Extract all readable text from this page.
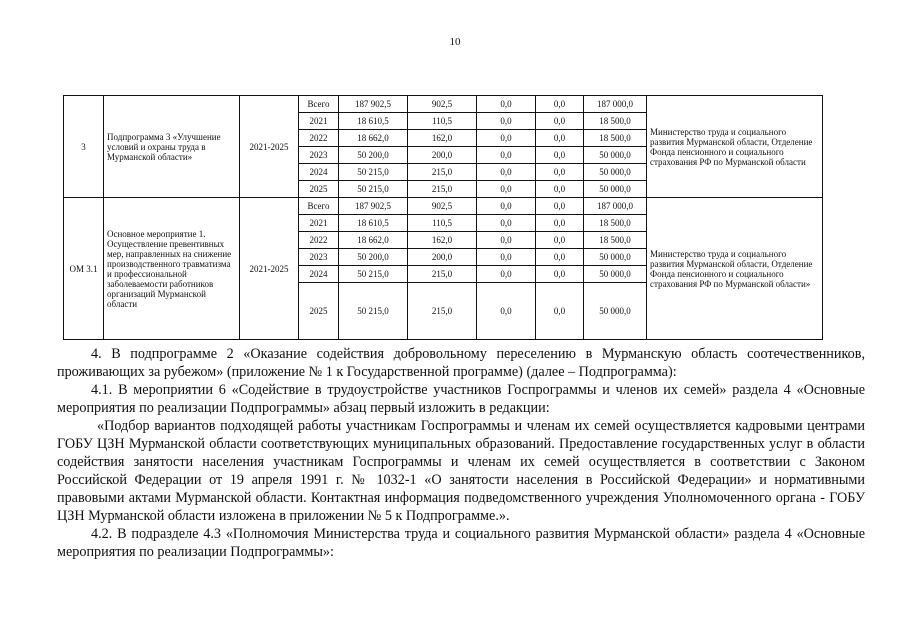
10
3	Подпрограмма 3 «Улучшение условий и охраны труда в Мурманской области»	2021-2025	Всего	187 902,5	902,5	0,0	0,0	187 000,0	Министерство труда и социального развития Мурманской области, Отделение Фонда пенсионного и социального страхования РФ по Мурманской области
			2021	18 610,5	110,5	0,0	0,0	18 500,0	
			2022	18 662,0	162,0	0,0	0,0	18 500,0	
			2023	50 200,0	200,0	0,0	0,0	50 000,0	
			2024	50 215,0	215,0	0,0	0,0	50 000,0	
			2025	50 215,0	215,0	0,0	0,0	50 000,0	
ОМ 3.1	Основное мероприятие 1. Осуществление превентивных мер, направленных на снижение производственного травматизма и профессиональной заболеваемости работников организаций Мурманской области	2021-2025	Всего	187 902,5	902,5	0,0	0,0	187 000,0	Министерство труда и социального развития Мурманской области, Отделение Фонда пенсионного и социального страхования РФ по Мурманской области»
			2021	18 610,5	110,5	0,0	0,0	18 500,0	
			2022	18 662,0	162,0	0,0	0,0	18 500,0	
			2023	50 200,0	200,0	0,0	0,0	50 000,0	
			2024	50 215,0	215,0	0,0	0,0	50 000,0	
			2025	50 215,0	215,0	0,0	0,0	50 000,0	

4. В подпрограмме 2 «Оказание содействия добровольному переселению в Мурманскую область соотечественников, проживающих за рубежом» (приложение № 1 к Государственной программе) (далее – Подпрограмма):

4.1. В мероприятии 6 «Содействие в трудоустройстве участников Госпрограммы и членов их семей» раздела 4 «Основные мероприятия по реализации Подпрограммы» абзац первый изложить в редакции:

«Подбор вариантов подходящей работы участникам Госпрограммы и членам их семей осуществляется кадровыми центрами ГОБУ ЦЗН Мурманской области соответствующих муниципальных образований. Предоставление государственных услуг в области содействия занятости населения участникам Госпрограммы и членам их семей осуществляется в соответствии с Законом Российской Федерации от 19 апреля 1991 г. № 1032-1 «О занятости населения в Российской Федерации» и нормативными правовыми актами Мурманской области. Контактная информация подведомственного учреждения Уполномоченного органа - ГОБУ ЦЗН Мурманской области изложена в приложении № 5 к Подпрограмме.».

4.2. В подразделе 4.3 «Полномочия Министерства труда и социального развития Мурманской области» раздела 4 «Основные мероприятия по реализации Подпрограммы»:
